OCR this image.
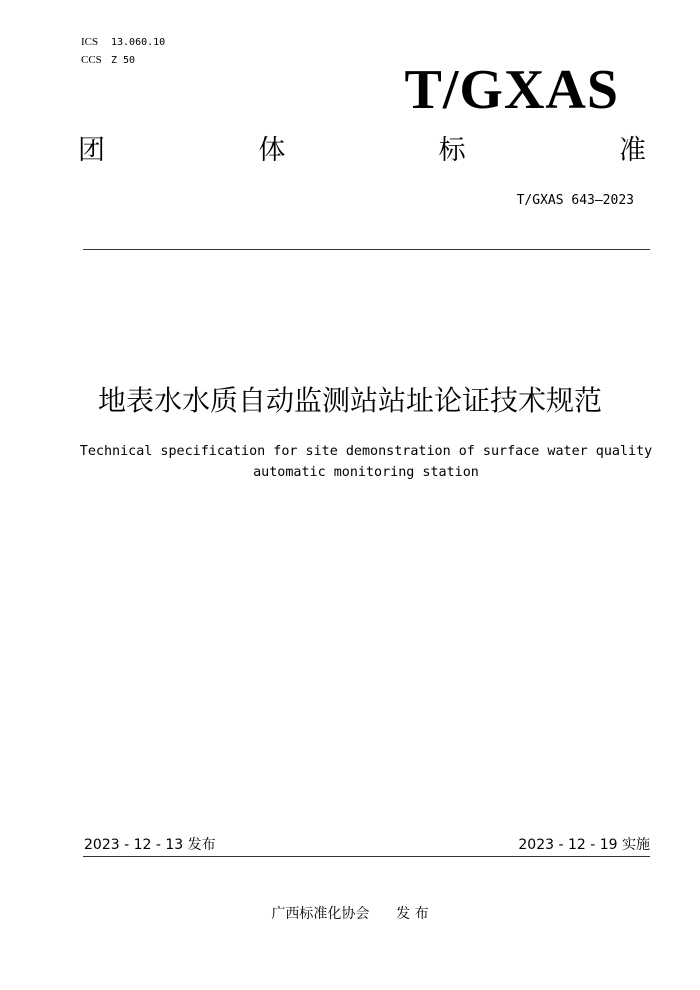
ICS 13.060.10
CCS Z 50	T/GXAS
团	体	标	准
T/GXAS 643—2023
地表水水质自动监测站站址论证技术规范
Technical specification for site demonstration of surface water quality
automatic monitoring station
2023 - 12 - 13 发布	2023 - 12 - 19 实施
广西标准化协会 发 布
